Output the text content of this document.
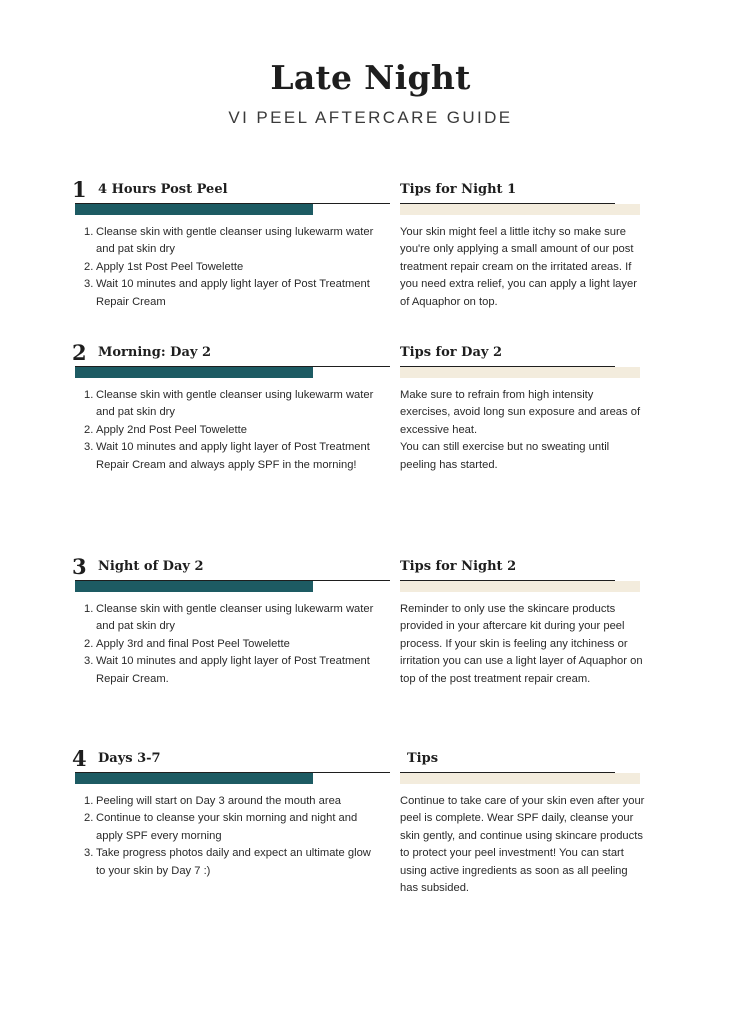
Late Night
VI PEEL AFTERCARE GUIDE
1 4 Hours Post Peel	Tips for Night 1
1. Cleanse skin with gentle cleanser using lukewarm water and pat skin dry
2. Apply 1st Post Peel Towelette
3. Wait 10 minutes and apply light layer of Post Treatment Repair Cream
Your skin might feel a little itchy so make sure you're only applying a small amount of our post treatment repair cream on the irritated areas. If you need extra relief, you can apply a light layer of Aquaphor on top.
2 Morning: Day 2	Tips for Day 2
1. Cleanse skin with gentle cleanser using lukewarm water and pat skin dry
2. Apply 2nd Post Peel Towelette
3. Wait 10 minutes and apply light layer of Post Treatment Repair Cream and always apply SPF in the morning!
Make sure to refrain from high intensity exercises, avoid long sun exposure and areas of excessive heat.
You can still exercise but no sweating until peeling has started.
3 Night of Day 2	Tips for Night 2
1. Cleanse skin with gentle cleanser using lukewarm water and pat skin dry
2. Apply 3rd and final Post Peel Towelette
3. Wait 10 minutes and apply light layer of Post Treatment Repair Cream.
Reminder to only use the skincare products provided in your aftercare kit during your peel process. If your skin is feeling any itchiness or irritation you can use a light layer of Aquaphor on top of the post treatment repair cream.
4 Days 3-7	Tips
1. Peeling will start on Day 3 around the mouth area
2. Continue to cleanse your skin morning and night and apply SPF every morning
3. Take progress photos daily and expect an ultimate glow to your skin by Day 7 :)
Continue to take care of your skin even after your peel is complete. Wear SPF daily, cleanse your skin gently, and continue using skincare products to protect your peel investment! You can start using active ingredients as soon as all peeling has subsided.
